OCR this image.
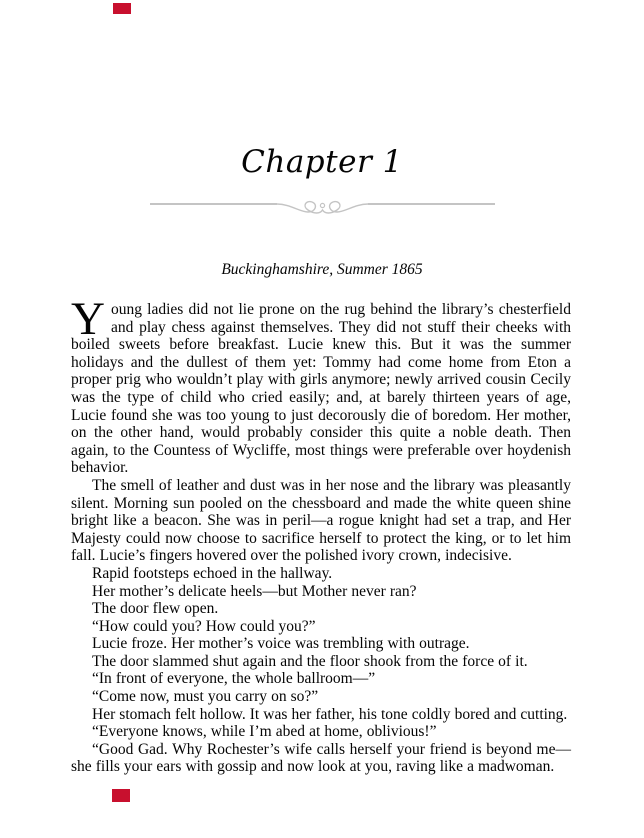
Chapter 1
Buckinghamshire, Summer 1865

Young ladies did not lie prone on the rug behind the library’s chesterfield and play chess against themselves. They did not stuff their cheeks with boiled sweets before breakfast. Lucie knew this. But it was the summer holidays and the dullest of them yet: Tommy had come home from Eton a proper prig who wouldn’t play with girls anymore; newly arrived cousin Cecily was the type of child who cried easily; and, at barely thirteen years of age, Lucie found she was too young to just decorously die of boredom. Her mother, on the other hand, would probably consider this quite a noble death. Then again, to the Countess of Wycliffe, most things were preferable over hoydenish behavior.

The smell of leather and dust was in her nose and the library was pleasantly silent. Morning sun pooled on the chessboard and made the white queen shine bright like a beacon. She was in peril—a rogue knight had set a trap, and Her Majesty could now choose to sacrifice herself to protect the king, or to let him fall. Lucie’s fingers hovered over the polished ivory crown, indecisive.

Rapid footsteps echoed in the hallway.

Her mother’s delicate heels—but Mother never ran?

The door flew open.

“How could you? How could you?”

Lucie froze. Her mother’s voice was trembling with outrage.

The door slammed shut again and the floor shook from the force of it.

“In front of everyone, the whole ballroom—”

“Come now, must you carry on so?”

Her stomach felt hollow. It was her father, his tone coldly bored and cutting.

“Everyone knows, while I’m abed at home, oblivious!”

“Good Gad. Why Rochester’s wife calls herself your friend is beyond me—she fills your ears with gossip and now look at you, raving like a madwoman.
